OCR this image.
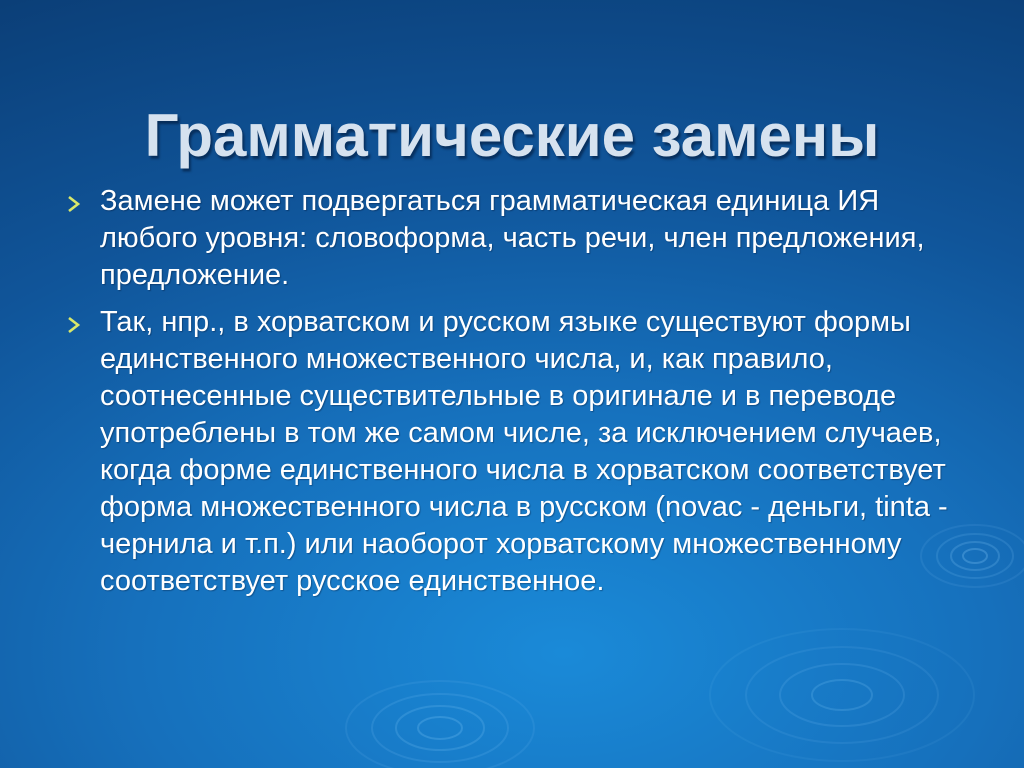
Грамматические замены
Замене может подвергаться грамматическая единица ИЯ любого уровня: словоформа, часть речи, член предложения, предложение.
Так, нпр., в хорватском и русском языке существуют формы единственного множественного числа, и, как правило, соотнесенные существительные в оригинале и в переводе употреблены в том же самом числе, за исключением случаев, когда форме единственного числа в хорватском соответствует форма множественного числа в русском (novac - деньги, tinta - чернила и т.п.) или наоборот хорватскому множественному соответствует русское единственное.
